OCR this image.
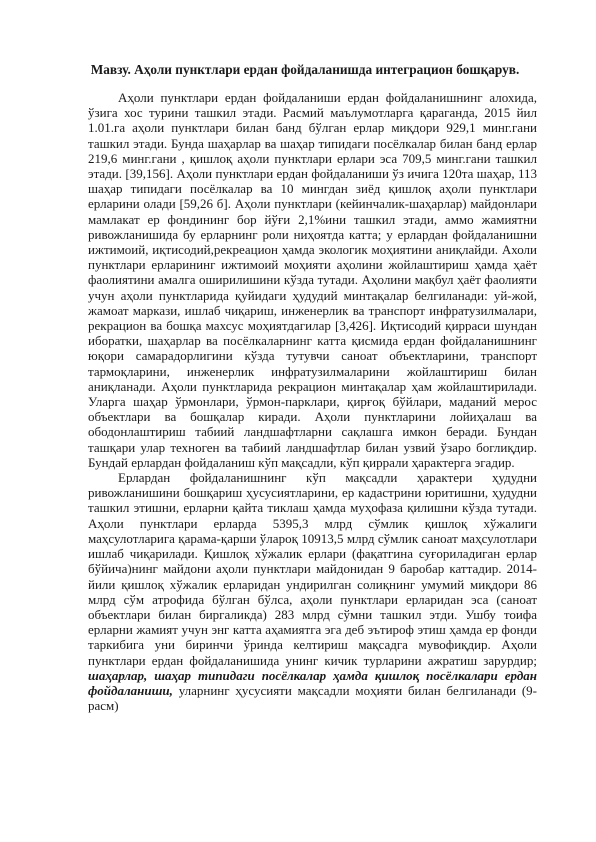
Мавзу. Аҳоли пунктлари ердан фойдаланишда интеграцион бошқарув.

Аҳоли пунктлари ердан фойдаланиши ердан фойдаланишнинг алохида, ўзига хос турини ташкил этади. Расмий маълумотларга қараганда, 2015 йил 1.01.га аҳоли пунктлари билан банд бўлган ерлар миқдори 929,1 минг.гани ташкил этади. Бунда шаҳарлар ва шаҳар типидаги посёлкалар билан банд ерлар 219,6 минг.гани , қишлоқ аҳоли пунктлари ерлари эса 709,5 минг.гани ташкил этади. [39,156]. Аҳоли пунктлари ердан фойдаланиши ўз ичига 120та шаҳар, 113 шаҳар типидаги посёлкалар ва 10 мингдан зиёд қишлоқ аҳоли пунктлари ерларини олади [59,26 б]. Аҳоли пунктлари (кейинчалик-шаҳарлар) майдонлари мамлакат ер фондининг бор йўғи 2,1%ини ташкил этади, аммо жамиятни ривожланишида бу ерларнинг роли ниҳоятда катта; у ерлардан фойдаланишни ижтимоий, иқтисодий,рекреацион ҳамда экологик моҳиятини аниқлайди. Ахоли пунктлари ерларининг ижтимоий моҳияти аҳолини жойлаштириш ҳамда ҳаёт фаолиятини амалга оширилишини кўзда тутади. Аҳолини мақбул ҳаёт фаолияти учун аҳоли пунктларида қуйидаги ҳудудий минтақалар белгиланади: уй-жой, жамоат маркази, ишлаб чиқариш, инженерлик ва транспорт инфратузилмалари, рекрацион ва бошқа махсус моҳиятдагилар [3,426]. Иқтисодий қирраси шундан иборатки, шаҳарлар ва посёлкаларнинг катта қисмида ердан фойдаланишнинг юқори самарадорлигини кўзда тутувчи саноат объектларини, транспорт тармоқларини, инженерлик инфратузилмаларини жойлаштириш билан аниқланади. Аҳоли пунктларида рекрацион минтақалар ҳам жойлаштирилади. Уларга шаҳар ўрмонлари, ўрмон-парклари, қирғоқ бўйлари, маданий мерос объектлари ва бошқалар киради. Аҳоли пунктларини лойиҳалаш ва ободонлаштириш табиий ландшафтларни сақлашга имкон беради. Бундан ташқари улар техноген ва табиий ландшафтлар билан узвий ўзаро боглиқдир. Бундай ерлардан фойдаланиш кўп мақсадли, кўп қиррали ҳарактерга эгадир.

Ерлардан фойдаланишнинг кўп мақсадли ҳарактери ҳудудни ривожланишини бошқариш ҳусусиятларини, ер кадастрини юритишни, ҳудудни ташкил этишни, ерларни қайта тиклаш ҳамда муҳофаза қилишни кўзда тутади. Аҳоли пунктлари ерларда 5395,3 млрд сўмлик қишлоқ хўжалиги маҳсулотларига қарама-қарши ўлароқ 10913,5 млрд сўмлик саноат маҳсулотлари ишлаб чиқарилади. Қишлоқ хўжалик ерлари (фақатгина суғориладиган ерлар бўйича)нинг майдони аҳоли пунктлари майдонидан 9 баробар каттадир. 2014-йили қишлоқ хўжалик ерларидан ундирилган солиқнинг умумий миқдори 86 млрд сўм атрофида бўлган бўлса, аҳоли пунктлари ерларидан эса (саноат объектлари билан биргаликда) 283 млрд сўмни ташкил этди. Ушбу тоифа ерларни жамият учун энг катта аҳамиятга эга деб эътироф этиш ҳамда ер фонди таркибига уни биринчи ўринда келтириш мақсадга мувофиқдир. Аҳоли пунктлари ердан фойдаланишида унинг кичик турларини ажратиш зарурдир; шаҳарлар, шаҳар типидаги посёлкалар ҳамда қишлоқ посёлкалари ердан фойдаланиши, уларнинг ҳусусияти мақсадли моҳияти билан белгиланади (9-расм)
